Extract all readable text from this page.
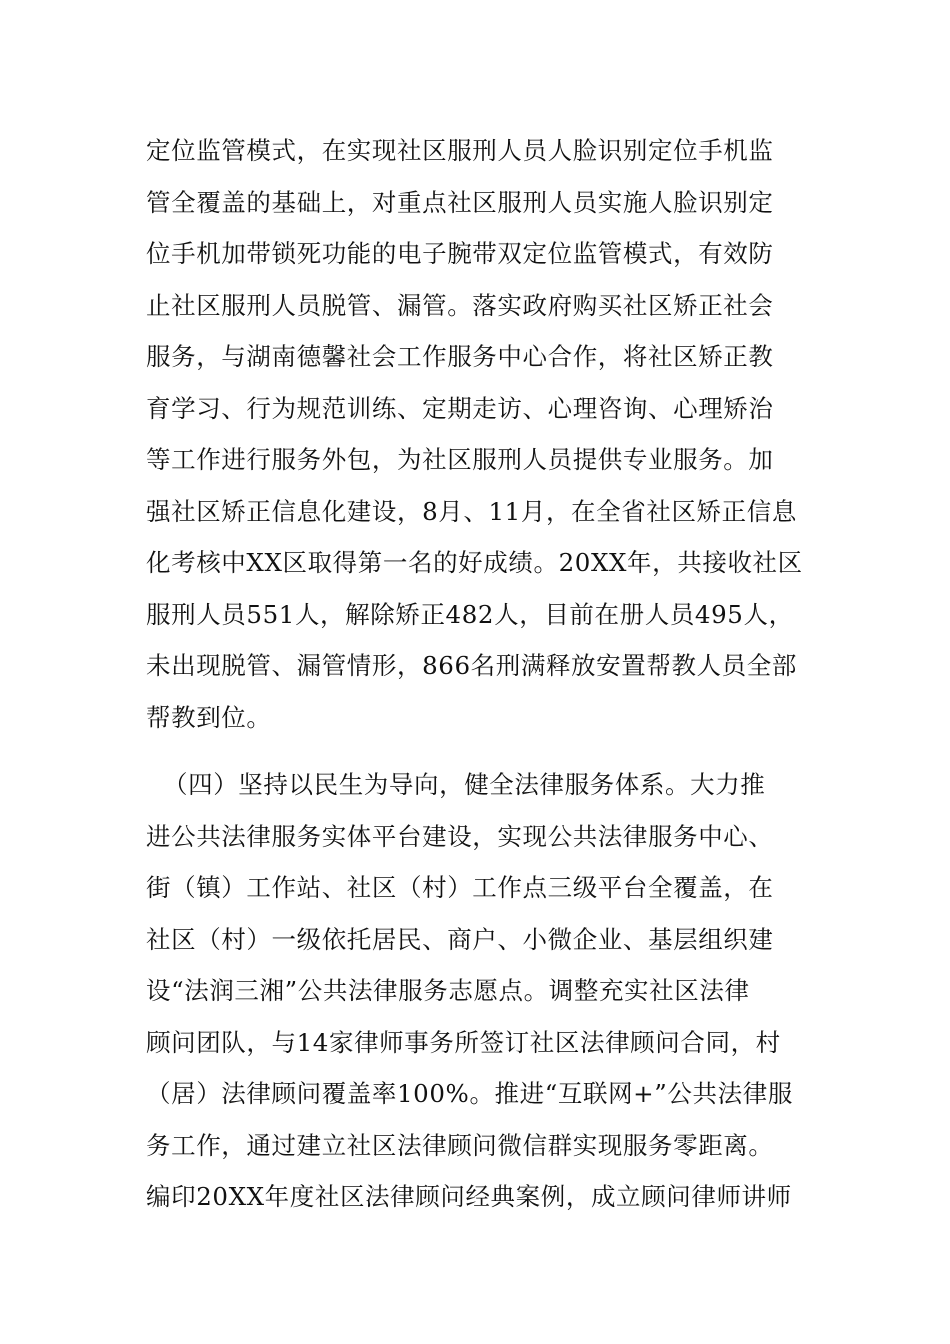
定位监管模式，在实现社区服刑人员人脸识别定位手机监
管全覆盖的基础上，对重点社区服刑人员实施人脸识别定
位手机加带锁死功能的电子腕带双定位监管模式，有效防
止社区服刑人员脱管、漏管。落实政府购买社区矫正社会
服务，与湖南德馨社会工作服务中心合作，将社区矫正教
育学习、行为规范训练、定期走访、心理咨询、心理矫治
等工作进行服务外包，为社区服刑人员提供专业服务。加
强社区矫正信息化建设，8月、11月，在全省社区矫正信息
化考核中XX区取得第一名的好成绩。20XX年，共接收社区
服刑人员551人，解除矫正482人，目前在册人员495人，
未出现脱管、漏管情形，866名刑满释放安置帮教人员全部
帮教到位。
（四）坚持以民生为导向，健全法律服务体系。大力推
进公共法律服务实体平台建设，实现公共法律服务中心、
街（镇）工作站、社区（村）工作点三级平台全覆盖，在
社区（村）一级依托居民、商户、小微企业、基层组织建
设“法润三湘”公共法律服务志愿点。调整充实社区法律
顾问团队，与14家律师事务所签订社区法律顾问合同，村
（居）法律顾问覆盖率100%。推进“互联网+”公共法律服
务工作，通过建立社区法律顾问微信群实现服务零距离。
编印20XX年度社区法律顾问经典案例，成立顾问律师讲师
